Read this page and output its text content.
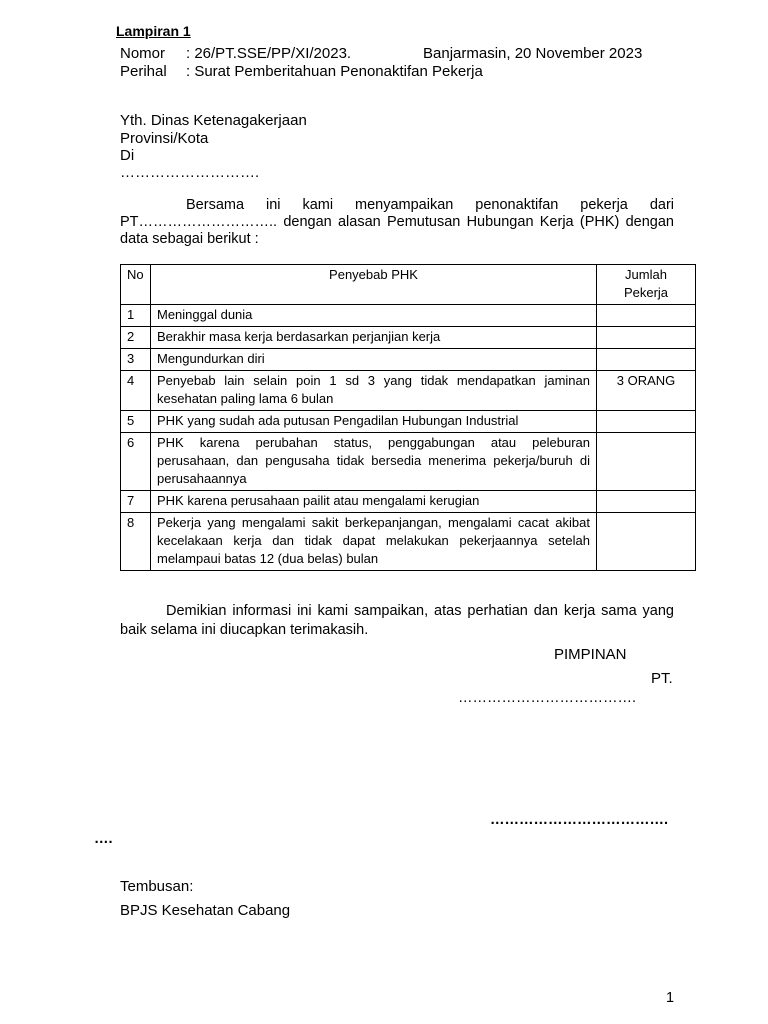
Lampiran 1
Nomor	: 26/PT.SSE/PP/XI/2023.	Banjarmasin, 20 November 2023
Perihal	: Surat Pemberitahuan Penonaktifan Pekerja
Yth. Dinas Ketenagakerjaan
Provinsi/Kota
Di
……………………….
Bersama ini kami menyampaikan penonaktifan pekerja dari PT……………………….. dengan alasan Pemutusan Hubungan Kerja (PHK) dengan data sebagai berikut :
No	Penyebab PHK	Jumlah Pekerja
1	Meninggal dunia	
2	Berakhir masa kerja berdasarkan perjanjian kerja	
3	Mengundurkan diri	
4	Penyebab lain selain poin 1 sd 3 yang tidak mendapatkan jaminan kesehatan paling lama 6 bulan	3 ORANG
5	PHK yang sudah ada putusan Pengadilan Hubungan Industrial	
6	PHK karena perubahan status, penggabungan atau peleburan perusahaan, dan pengusaha tidak bersedia menerima pekerja/buruh di perusahaannya	
7	PHK karena perusahaan pailit atau mengalami kerugian	
8	Pekerja yang mengalami sakit berkepanjangan, mengalami cacat akibat kecelakaan kerja dan tidak dapat melakukan pekerjaannya setelah melampaui batas 12 (dua belas) bulan	
Demikian informasi ini kami sampaikan, atas perhatian dan kerja sama yang baik selama ini diucapkan terimakasih.
PIMPINAN
PT.
……………………………….
……………………………….
….
Tembusan:
BPJS Kesehatan Cabang
1
